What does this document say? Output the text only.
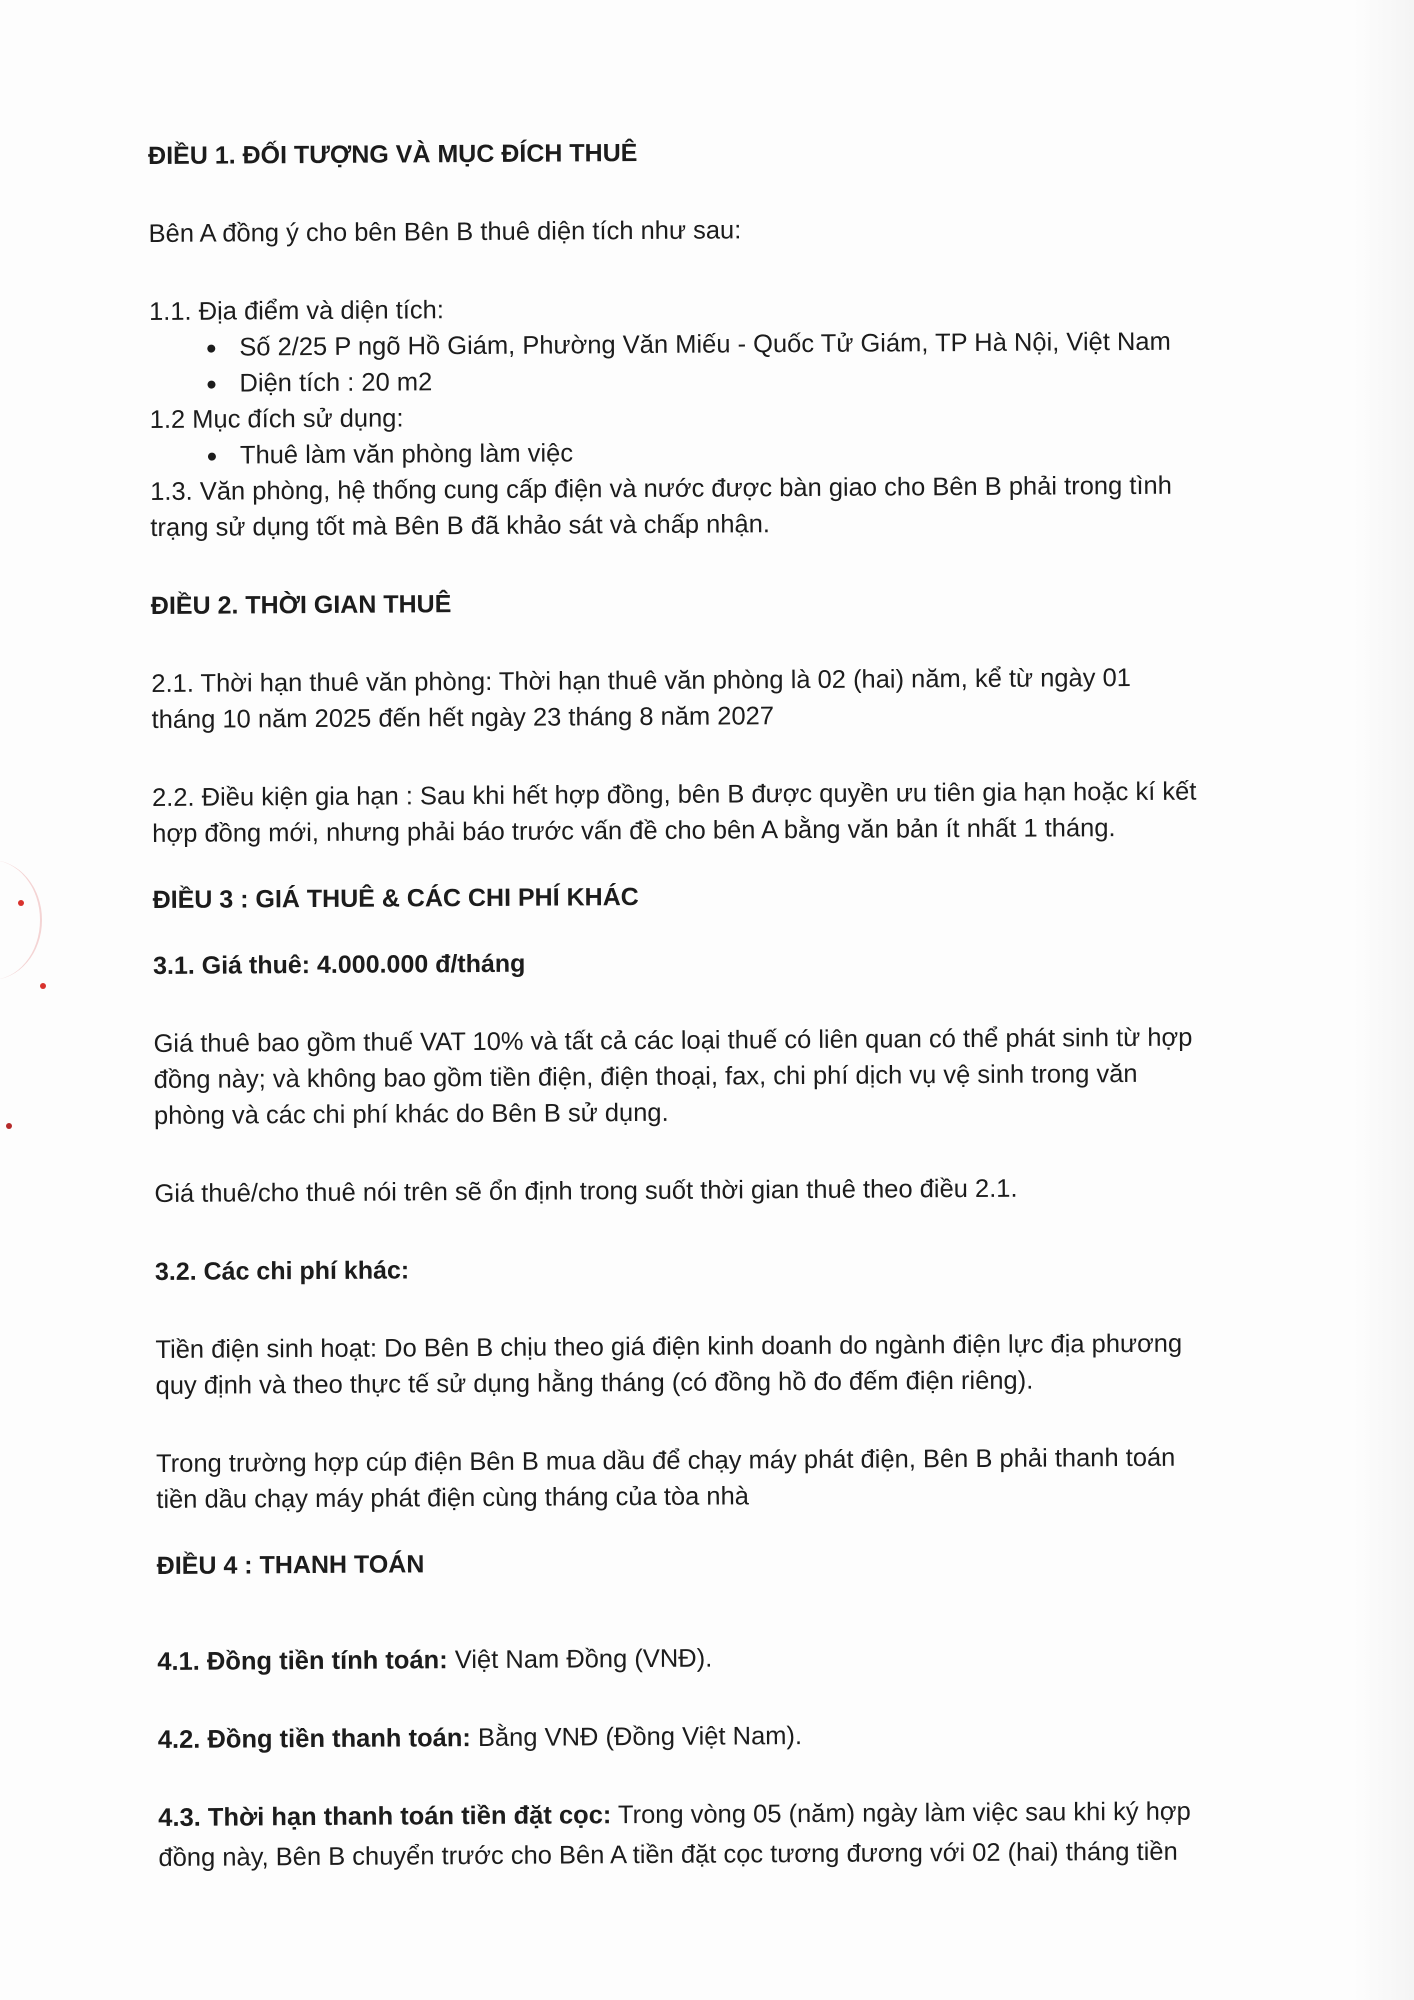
ĐIỀU 1. ĐỐI TƯỢNG VÀ MỤC ĐÍCH THUÊ

Bên A đồng ý cho bên Bên B thuê diện tích như sau:

1.1. Địa điểm và diện tích:

Số 2/25 P ngõ Hồ Giám, Phường Văn Miếu - Quốc Tử Giám, TP Hà Nội, Việt Nam
Diện tích : 20 m2

1.2 Mục đích sử dụng:

Thuê làm văn phòng làm việc

1.3. Văn phòng, hệ thống cung cấp điện và nước được bàn giao cho Bên B phải trong tình

trạng sử dụng tốt mà Bên B đã khảo sát và chấp nhận.

ĐIỀU 2. THỜI GIAN THUÊ

2.1. Thời hạn thuê văn phòng: Thời hạn thuê văn phòng là 02 (hai) năm, kể từ ngày 01

tháng 10 năm 2025 đến hết ngày 23 tháng 8 năm 2027

2.2. Điều kiện gia hạn : Sau khi hết hợp đồng, bên B được quyền ưu tiên gia hạn hoặc kí kết

hợp đồng mới, nhưng phải báo trước vấn đề cho bên A bằng văn bản ít nhất 1 tháng.

ĐIỀU 3 : GIÁ THUÊ & CÁC CHI PHÍ KHÁC

3.1. Giá thuê: 4.000.000 đ/tháng

Giá thuê bao gồm thuế VAT 10% và tất cả các loại thuế có liên quan có thể phát sinh từ hợp

đồng này; và không bao gồm tiền điện, điện thoại, fax, chi phí dịch vụ vệ sinh trong văn

phòng và các chi phí khác do Bên B sử dụng.

Giá thuê/cho thuê nói trên sẽ ổn định trong suốt thời gian thuê theo điều 2.1.

3.2. Các chi phí khác:

Tiền điện sinh hoạt: Do Bên B chịu theo giá điện kinh doanh do ngành điện lực địa phương

quy định và theo thực tế sử dụng hằng tháng (có đồng hồ đo đếm điện riêng).

Trong trường hợp cúp điện Bên B mua dầu để chạy máy phát điện, Bên B phải thanh toán

tiền dầu chạy máy phát điện cùng tháng của tòa nhà

ĐIỀU 4 : THANH TOÁN

4.1. Đồng tiền tính toán: Việt Nam Đồng (VNĐ).

4.2. Đồng tiền thanh toán: Bằng VNĐ (Đồng Việt Nam).

4.3. Thời hạn thanh toán tiền đặt cọc: Trong vòng 05 (năm) ngày làm việc sau khi ký hợp

đồng này, Bên B chuyển trước cho Bên A tiền đặt cọc tương đương với 02 (hai) tháng tiền
